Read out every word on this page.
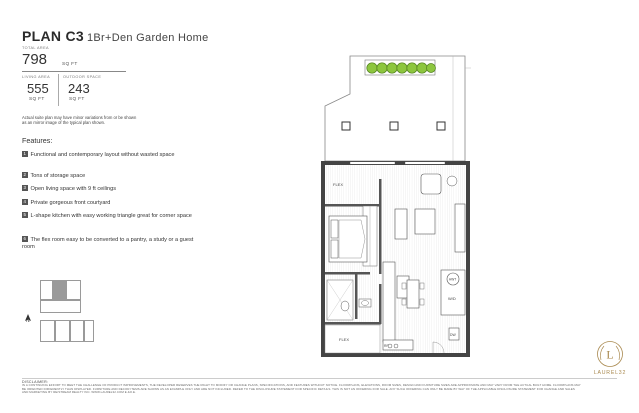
PLAN C3 1Br+Den Garden Home
TOTAL AREA
798	SQ FT
LIVING AREA
555
SQ FT
OUTDOOR SPACE
243
SQ FT
Actual suite plan may have minor variations from or be shown as an mirror image of the typical plan shown.
Features:
1 Functional and contemporary layout without wasted space
2 Tons of storage space
3 Open living space with 9 ft ceilings
4 Private gorgeous front courtyard
5 L-shape kitchen with easy working triangle great for corner space
6 The flex room easy to be converted to a pantry, a study or a guest room
N
FLEX
FLEX
HWT
W/D
DW
RF
DISCLAIMER:
IN A CONTINUING EFFORT TO MEET THE CHALLENGE OF PRODUCT IMPROVEMENTS, THE DEVELOPER RESERVES THE RIGHT TO MODIFY OR CHANGE PLANS, SPECIFICATIONS, AND FEATURES WITHOUT NOTICE. FLOORPLANS, ELEVATIONS, ROOM SIZES, DESIGN AND FURNITURE SIZES ARE APPROXIMATE AND MAY VARY FROM THE ACTUAL BUILT HOME. FLOORPLANS MAY BE ORIENTED DIFFERENTLY THAN DISPLAYED. FURNITURE AND DECOR ITEMS ARE SHOWN AS AN EXAMPLE ONLY AND ARE NOT INCLUDED. REFER TO THE DISCLOSURE STATEMENT FOR SPECIFIC DETAILS. THIS IS NOT AN OFFERING FOR SALE. ANY SUCH OFFERING CAN ONLY BE MADE BY WAY OF THE APPLICABLE DISCLOSURE STATEMENT FOR CHANGE AND SALES AND MARKETING BY RE/STREAM REALTY INC. WWW.LAUREL32.COM E.&O.E.
L
LAUREL32
